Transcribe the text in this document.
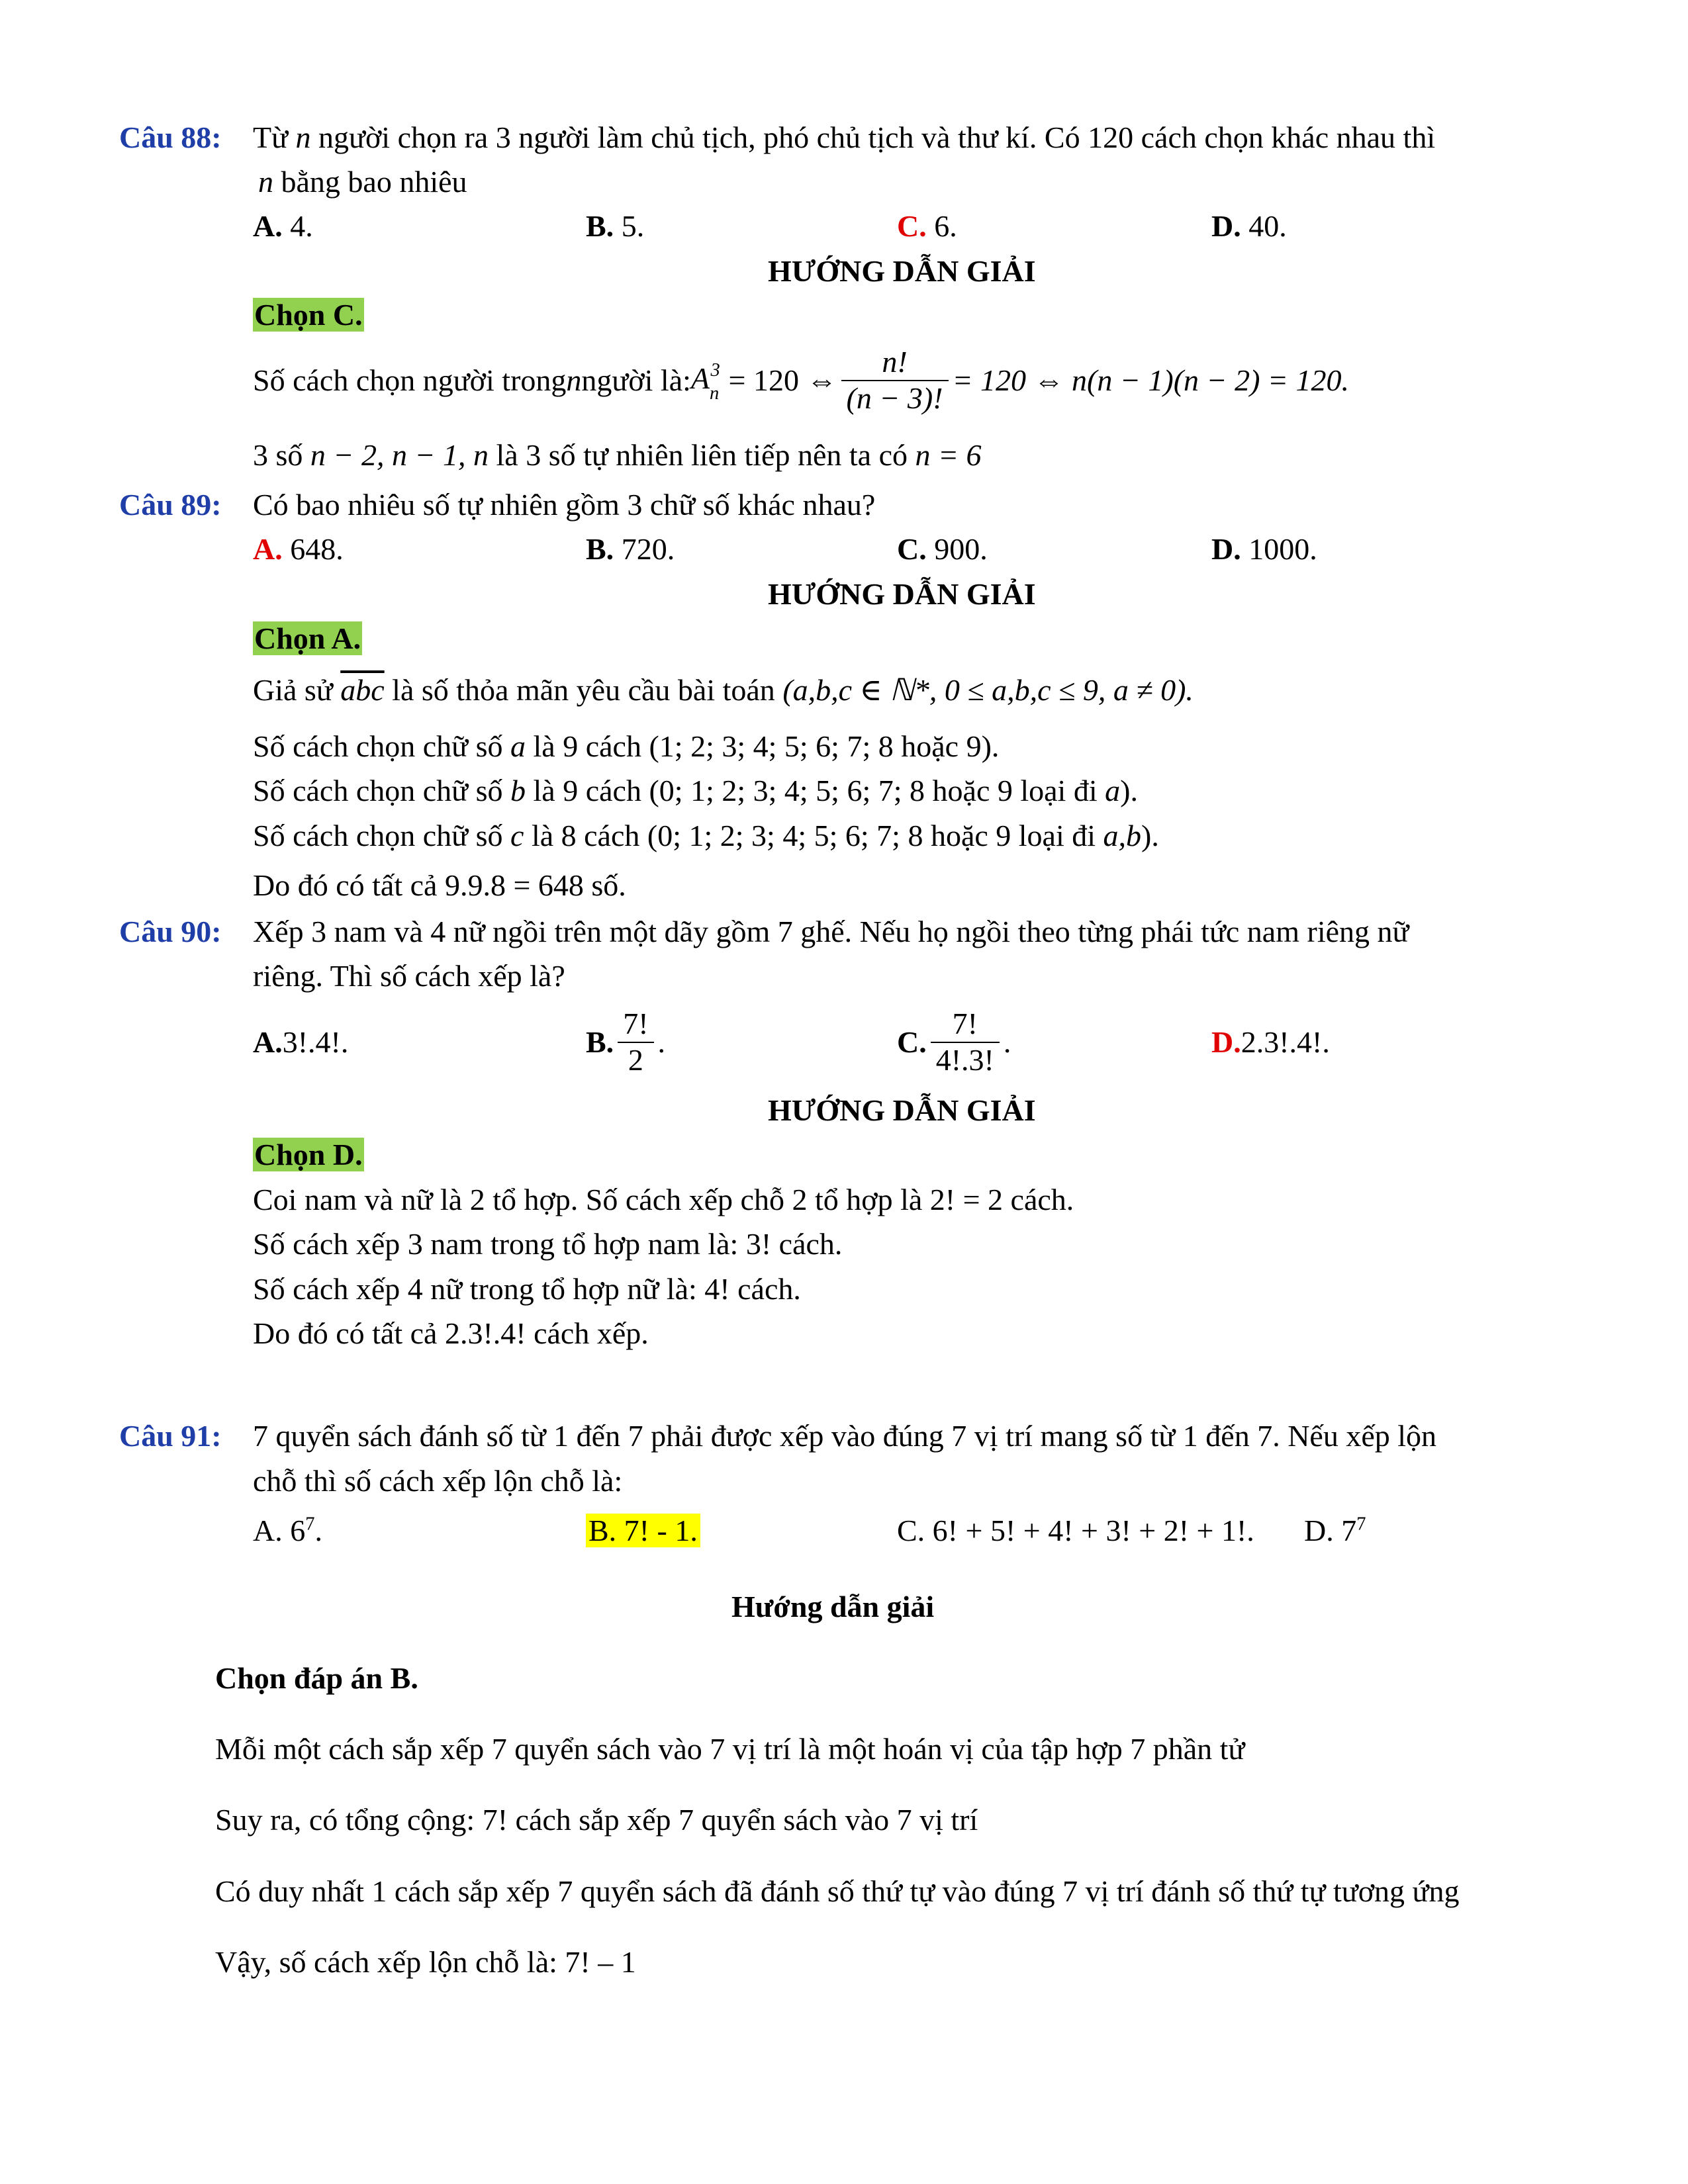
Câu 88: Từ n người chọn ra 3 người làm chủ tịch, phó chủ tịch và thư kí. Có 120 cách chọn khác nhau thì
n bằng bao nhiêu
A. 4.	B. 5.	C. 6.	D. 40.
HƯỚNG DẪN GIẢI
Chọn C.
Số cách chọn người trong n người là: $A_n^3 = 120$ ⇔ $\frac{n!}{(n - 3)!} = 120$ ⇔ n(n − 1)(n − 2) = 120.
3 số n − 2, n − 1, n là 3 số tự nhiên liên tiếp nên ta có n = 6
Câu 89: Có bao nhiêu số tự nhiên gồm 3 chữ số khác nhau?
A. 648.	B. 720.	C. 900.	D. 1000.
HƯỚNG DẪN GIẢI
Chọn A.
Giả sử $\overline{abc}$ là số thỏa mãn yêu cầu bài toán (a,b,c ∈ ℕ*, 0 ≤ a,b,c ≤ 9, a ≠ 0).
Số cách chọn chữ số a là 9 cách (1; 2; 3; 4; 5; 6; 7; 8 hoặc 9).
Số cách chọn chữ số b là 9 cách (0; 1; 2; 3; 4; 5; 6; 7; 8 hoặc 9 loại đi a).
Số cách chọn chữ số c là 8 cách (0; 1; 2; 3; 4; 5; 6; 7; 8 hoặc 9 loại đi a,b).
Do đó có tất cả 9.9.8 = 648 số.
Câu 90: Xếp 3 nam và 4 nữ ngồi trên một dãy gồm 7 ghế. Nếu họ ngồi theo từng phái tức nam riêng nữ
riêng. Thì số cách xếp là?
A. 3!.4!.	B. $\frac{7!}{2}$ .	C. $\frac{7!}{4!.3!}$ .	D. 2.3!.4!.
HƯỚNG DẪN GIẢI
Chọn D.
Coi nam và nữ là 2 tổ hợp. Số cách xếp chỗ 2 tổ hợp là 2! = 2 cách.
Số cách xếp 3 nam trong tổ hợp nam là: 3! cách.
Số cách xếp 4 nữ trong tổ hợp nữ là: 4! cách.
Do đó có tất cả 2.3!.4! cách xếp.
Câu 91: 7 quyển sách đánh số từ 1 đến 7 phải được xếp vào đúng 7 vị trí mang số từ 1 đến 7. Nếu xếp lộn
chỗ thì số cách xếp lộn chỗ là:
A. $6^7$.	B. 7! - 1.	C. 6! + 5! + 4! + 3! + 2! + 1!. D. $7^7$
Hướng dẫn giải
Chọn đáp án B.
Mỗi một cách sắp xếp 7 quyển sách vào 7 vị trí là một hoán vị của tập hợp 7 phần tử
Suy ra, có tổng cộng: 7! cách sắp xếp 7 quyển sách vào 7 vị trí
Có duy nhất 1 cách sắp xếp 7 quyển sách đã đánh số thứ tự vào đúng 7 vị trí đánh số thứ tự tương ứng
Vậy, số cách xếp lộn chỗ là: 7! – 1
